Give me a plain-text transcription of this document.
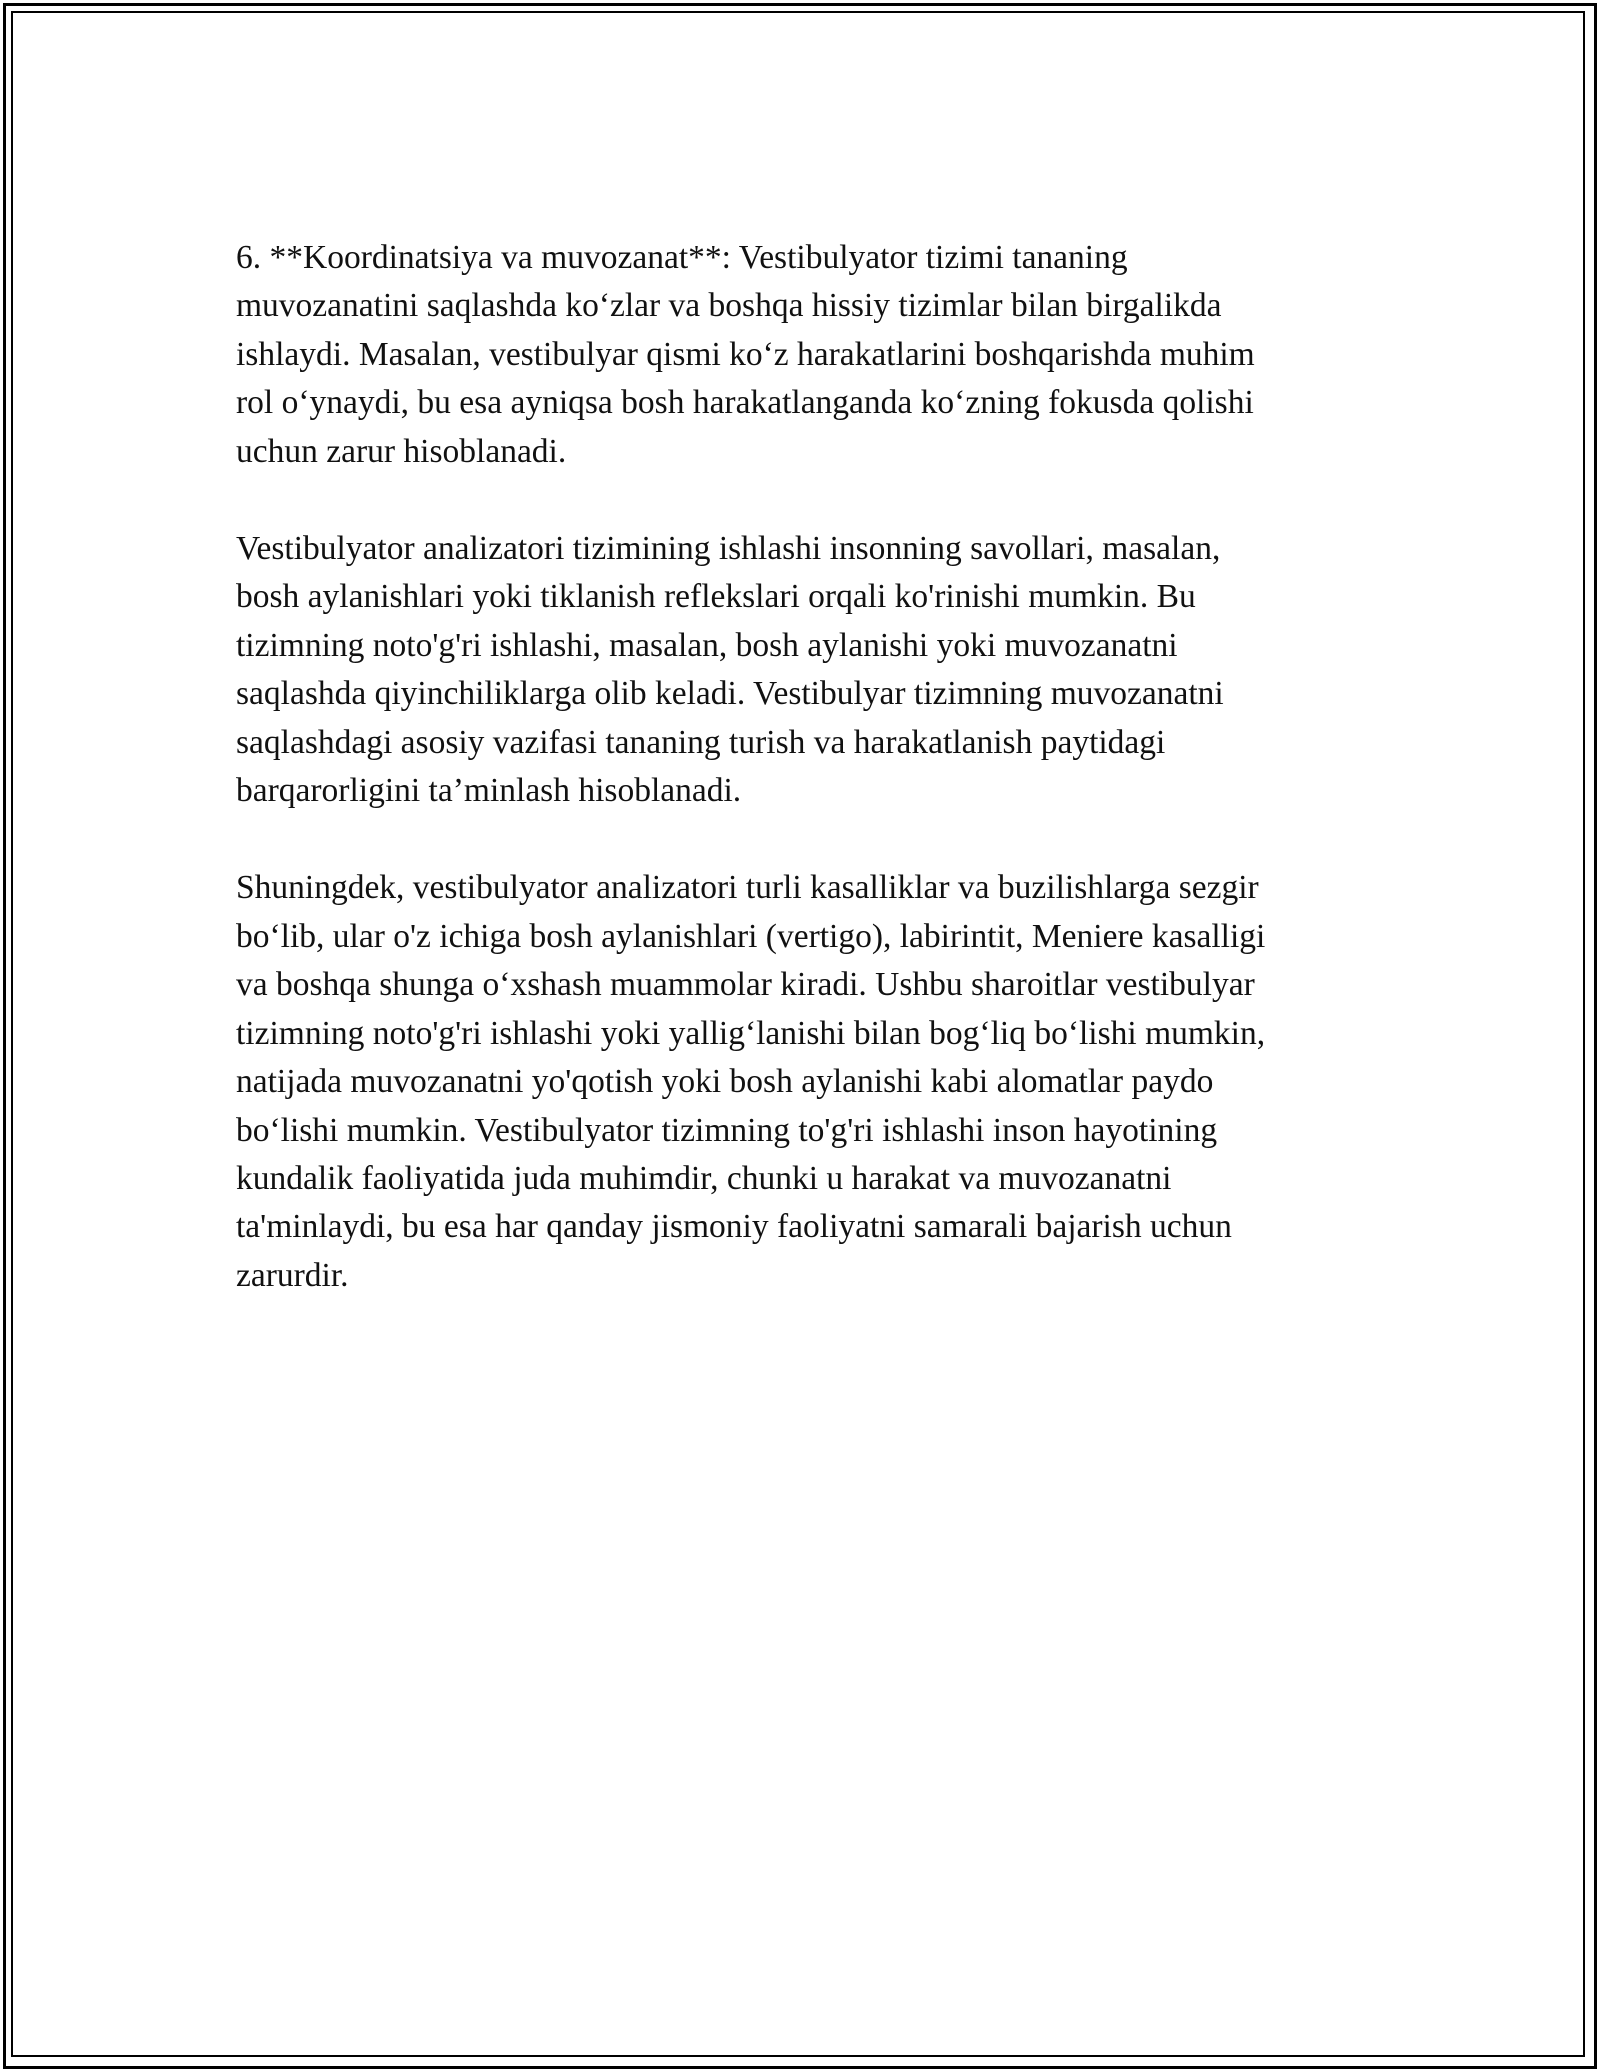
6. **Koordinatsiya va muvozanat**: Vestibulyator tizimi tananing
muvozanatini saqlashda ko‘zlar va boshqa hissiy tizimlar bilan birgalikda
ishlaydi. Masalan, vestibulyar qismi ko‘z harakatlarini boshqarishda muhim
rol o‘ynaydi, bu esa ayniqsa bosh harakatlanganda ko‘zning fokusda qolishi
uchun zarur hisoblanadi.

Vestibulyator analizatori tizimining ishlashi insonning savollari, masalan,
bosh aylanishlari yoki tiklanish reflekslari orqali ko'rinishi mumkin. Bu
tizimning noto'g'ri ishlashi, masalan, bosh aylanishi yoki muvozanatni
saqlashda qiyinchiliklarga olib keladi. Vestibulyar tizimning muvozanatni
saqlashdagi asosiy vazifasi tananing turish va harakatlanish paytidagi
barqarorligini ta’minlash hisoblanadi.

Shuningdek, vestibulyator analizatori turli kasalliklar va buzilishlarga sezgir
bo‘lib, ular o'z ichiga bosh aylanishlari (vertigo), labirintit, Meniere kasalligi
va boshqa shunga o‘xshash muammolar kiradi. Ushbu sharoitlar vestibulyar
tizimning noto'g'ri ishlashi yoki yallig‘lanishi bilan bog‘liq bo‘lishi mumkin,
natijada muvozanatni yo'qotish yoki bosh aylanishi kabi alomatlar paydo
bo‘lishi mumkin. Vestibulyator tizimning to'g'ri ishlashi inson hayotining
kundalik faoliyatida juda muhimdir, chunki u harakat va muvozanatni
ta'minlaydi, bu esa har qanday jismoniy faoliyatni samarali bajarish uchun
zarurdir.
